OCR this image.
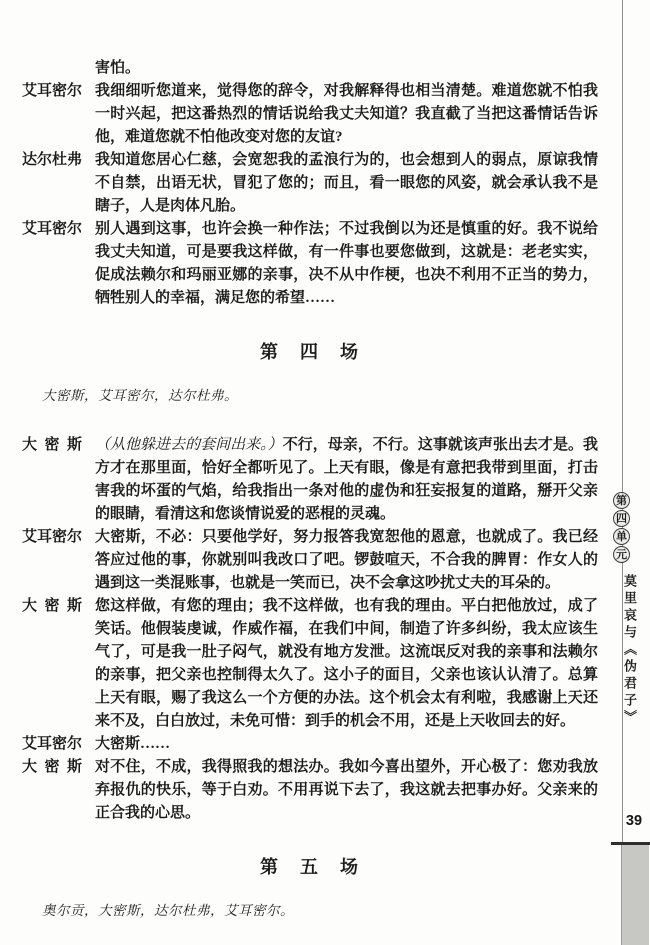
害怕。

艾耳密尔 我细细听您道来，觉得您的辞令，对我解释得也相当清楚。难道您就不怕我一时兴起，把这番热烈的情话说给我丈夫知道？我直截了当把这番情话告诉他，难道您就不怕他改变对您的友谊?

达尔杜弗 我知道您居心仁慈，会宽恕我的孟浪行为的，也会想到人的弱点，原谅我情不自禁，出语无状，冒犯了您的；而且，看一眼您的风姿，就会承认我不是瞎子，人是肉体凡胎。

艾耳密尔 别人遇到这事，也许会换一种作法；不过我倒以为还是慎重的好。我不说给我丈夫知道，可是要我这样做，有一件事也要您做到，这就是：老老实实，促成法赖尔和玛丽亚娜的亲事，决不从中作梗，也决不利用不正当的势力，牺牲别人的幸福，满足您的希望……

第　四　场

大密斯，艾耳密尔，达尔杜弗。

大密斯 （从他躲进去的套间出来。）不行，母亲，不行。这事就该声张出去才是。我方才在那里面，恰好全都听见了。上天有眼，像是有意把我带到里面，打击害我的坏蛋的气焰，给我指出一条对他的虚伪和狂妄报复的道路，掰开父亲的眼睛，看清这和您谈情说爱的恶棍的灵魂。

艾耳密尔 大密斯，不必：只要他学好，努力报答我宽恕他的恩意，也就成了。我已经答应过他的事，你就别叫我改口了吧。锣鼓喧天，不合我的脾胃：作女人的遇到这一类混账事，也就是一笑而已，决不会拿这吵扰丈夫的耳朵的。

大密斯 您这样做，有您的理由；我不这样做，也有我的理由。平白把他放过，成了笑话。他假装虔诚，作威作福，在我们中间，制造了许多纠纷，我太应该生气了，可是我一肚子闷气，就没有地方发泄。这流氓反对我的亲事和法赖尔的亲事，把父亲也控制得太久了。这小子的面目，父亲也该认认清了。总算上天有眼，赐了我这么一个方便的办法。这个机会太有利啦，我感谢上天还来不及，白白放过，未免可惜：到手的机会不用，还是上天收回去的好。

艾耳密尔 大密斯……

大密斯 对不住，不成，我得照我的想法办。我如今喜出望外，开心极了：您劝我放弃报仇的快乐，等于白劝。不用再说下去了，我这就去把事办好。父亲来的正合我的心思。

第　五　场

奥尔贡，大密斯，达尔杜弗，艾耳密尔。

第
四
单
元
莫里哀与《伪君子》
39
